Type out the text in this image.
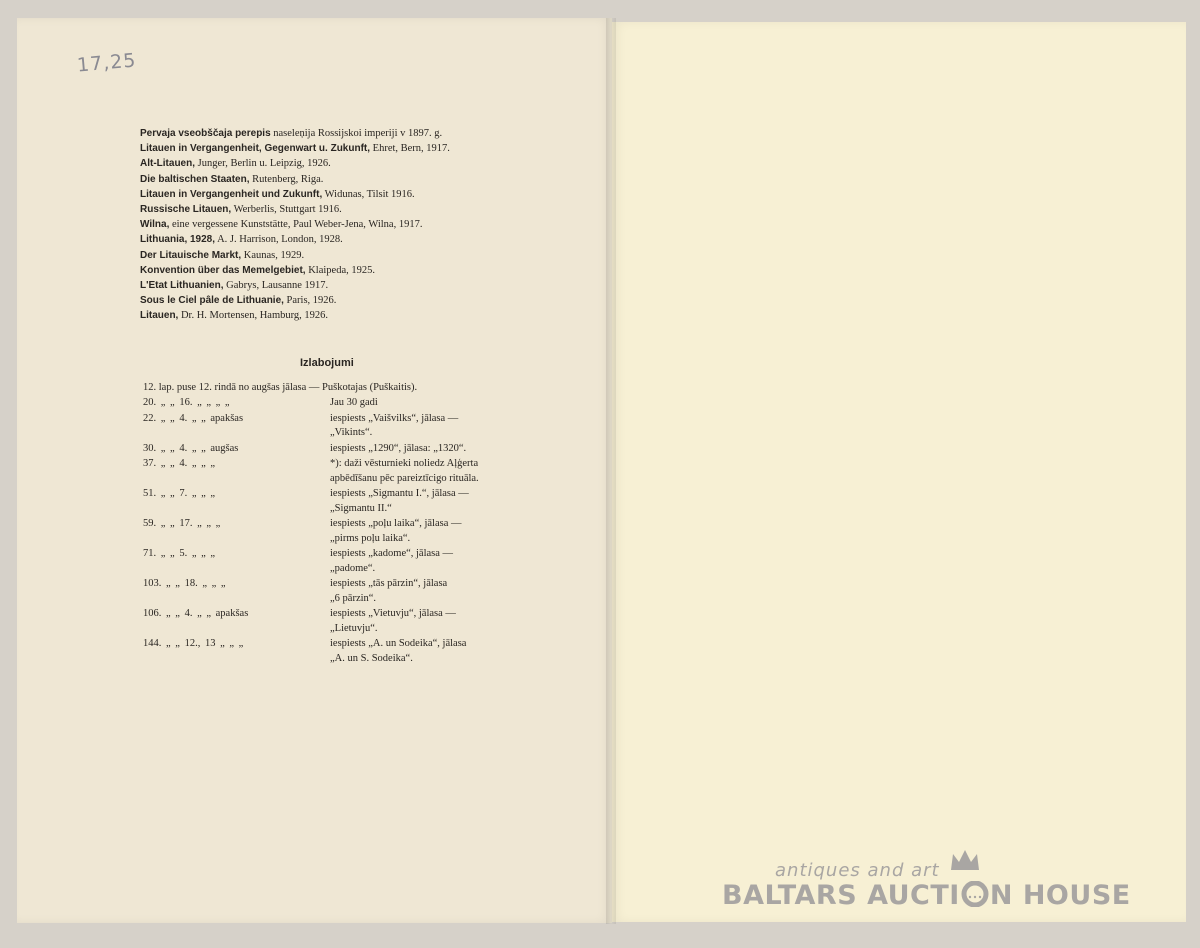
17,25
Pervaja vseobščaja perepis naseleņija Rossijskoi imperiji v 1897. g.
Litauen in Vergangenheit, Gegenwart u. Zukunft, Ehret, Bern, 1917.
Alt-Litauen, Junger, Berlin u. Leipzig, 1926.
Die baltischen Staaten, Rutenberg, Riga.
Litauen in Vergangenheit und Zukunft, Widunas, Tilsit 1916.
Russische Litauen, Werberlis, Stuttgart 1916.
Wilna, eine vergessene Kunststätte, Paul Weber-Jena, Wilna, 1917.
Lithuania, 1928, A. J. Harrison, London, 1928.
Der Litauische Markt, Kaunas, 1929.
Konvention über das Memelgebiet, Klaipeda, 1925.
L'Etat Lithuanien, Gabrys, Lausanne 1917.
Sous le Ciel pâle de Lithuanie, Paris, 1926.
Litauen, Dr. H. Mortensen, Hamburg, 1926.
Izlabojumi
12. lap. puse 12. rindā no augšas jālasa — Puškotajas (Puškaitis).
20. „ „ 16. „ „ „ „	Jau 30 gadi
22. „ „ 4. „ „ apakšas	iespiests „Vaišvilks“, jālasa —
„Vikints“.
30. „ „ 4. „ „ augšas	iespiests „1290“, jālasa: „1320“.
37. „ „ 4. „ „ „	*): daži vēsturnieki noliedz Aļģerta
apbēdīšanu pēc pareiztīcigo rituāla.
51. „ „ 7. „ „ „	iespiests „Sigmantu I.“, jālasa —
„Sigmantu II.“
59. „ „ 17. „ „ „	iespiests „poļu laika“, jālasa —
„pirms poļu laika“.
71. „ „ 5. „ „ „	iespiests „kadome“, jālasa —
„padome“.
103. „ „ 18. „ „ „	iespiests „tās pārzin“, jālasa
„6 pārzin“.
106. „ „ 4. „ „ apakšas	iespiests „Vietuvju“, jālasa —
„Lietuvju“.
144. „ „ 12., 13 „ „ „	iespiests „A. un Sodeika“, jālasa
„A. un S. Sodeika“.
antiques and art
BALTARS AUCTI N HOUSE
